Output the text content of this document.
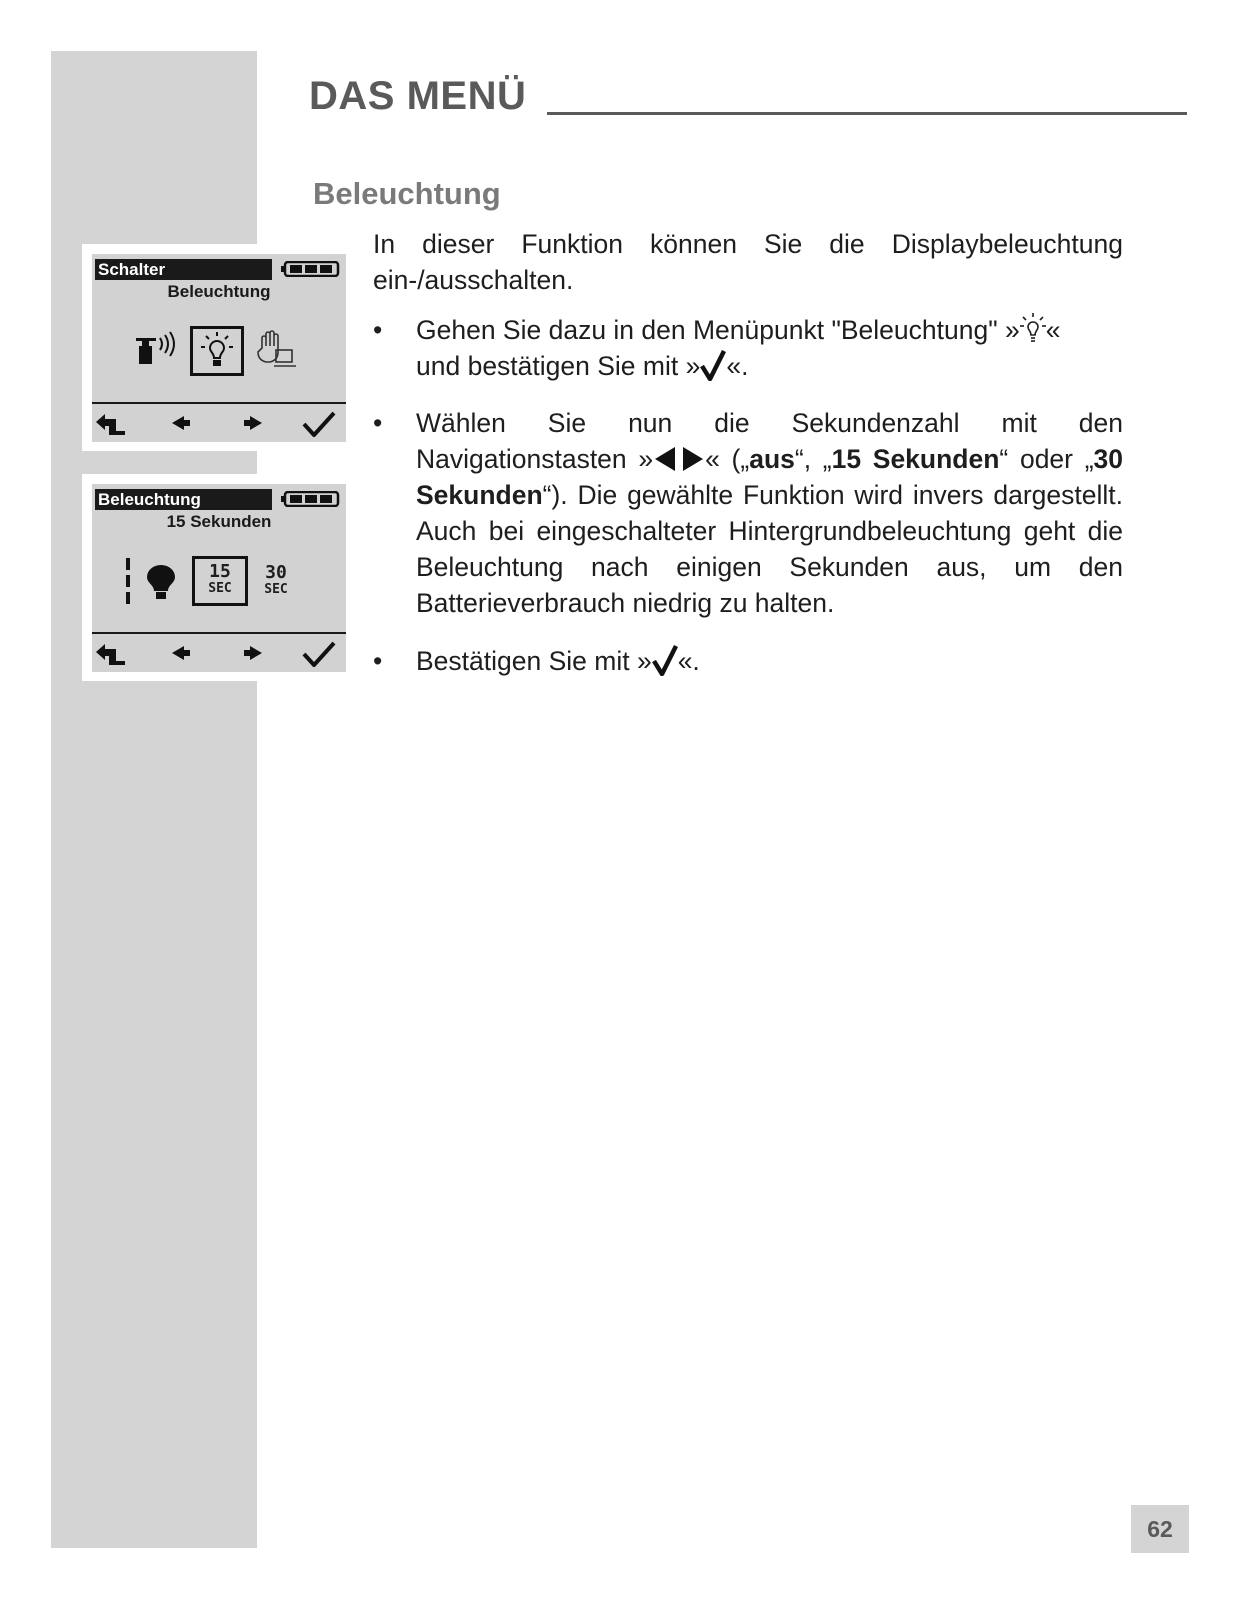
DAS MENÜ
Beleuchtung
In dieser Funktion können Sie die Displaybeleuchtung ein-/ausschalten.
•	Gehen Sie dazu in den Menüpunkt "Beleuchtung" » «
und bestätigen Sie mit » «.
•	Wählen Sie nun die Sekundenzahl mit den Navigationstasten » « („aus“, „15 Sekunden“ oder „30 Sekunden“). Die gewählte Funktion wird invers dargestellt. Auch bei eingeschalteter Hintergrundbeleuchtung geht die Beleuchtung nach einigen Sekunden aus, um den Batterieverbrauch niedrig zu halten.
•	Bestätigen Sie mit » «.
Schalter
Beleuchtung
Beleuchtung
15 Sekunden
15
SEC
30
SEC
62
